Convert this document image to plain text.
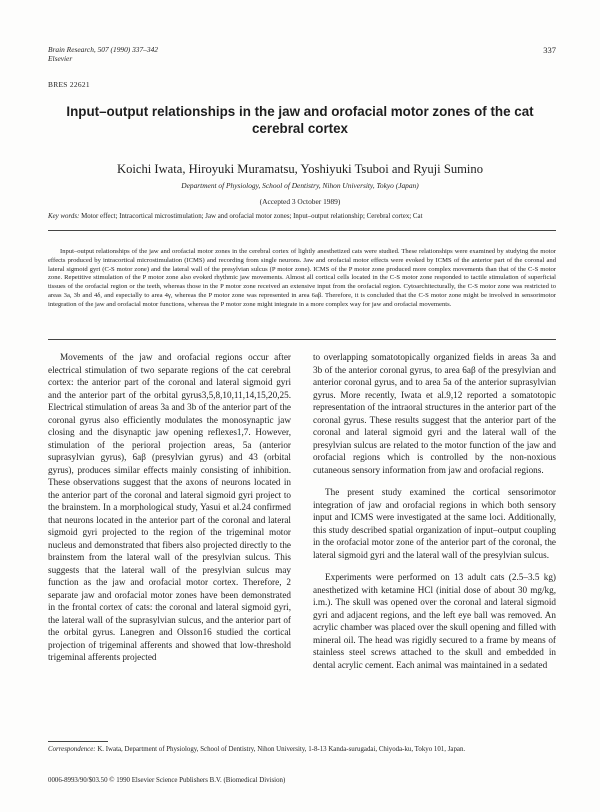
Brain Research, 507 (1990) 337–342
Elsevier
337
BRES 22621
Input–output relationships in the jaw and orofacial motor zones of the cat cerebral cortex
Koichi Iwata, Hiroyuki Muramatsu, Yoshiyuki Tsuboi and Ryuji Sumino
Department of Physiology, School of Dentistry, Nihon University, Tokyo (Japan)
(Accepted 3 October 1989)
Key words: Motor effect; Intracortical microstimulation; Jaw and orofacial motor zones; Input–output relationship; Cerebral cortex; Cat

Input–output relationships of the jaw and orofacial motor zones in the cerebral cortex of lightly anesthetized cats were studied. These relationships were examined by studying the motor effects produced by intracortical microstimulation (ICMS) and recording from single neurons. Jaw and orofacial motor effects were evoked by ICMS of the anterior part of the coronal and lateral sigmoid gyri (C-S motor zone) and the lateral wall of the presylvian sulcus (P motor zone). ICMS of the P motor zone produced more complex movements than that of the C-S motor zone. Repetitive stimulation of the P motor zone also evoked rhythmic jaw movements. Almost all cortical cells located in the C-S motor zone responded to tactile stimulation of superficial tissues of the orofacial region or the teeth, whereas those in the P motor zone received an extensive input from the orofacial region. Cytoarchitecturally, the C-S motor zone was restricted to areas 3a, 3b and 4δ, and especially to area 4γ, whereas the P motor zone was represented in area 6aβ. Therefore, it is concluded that the C-S motor zone might be involved in sensorimotor integration of the jaw and orofacial motor functions, whereas the P motor zone might integrate in a more complex way for jaw and orofacial movements.

Movements of the jaw and orofacial regions occur after electrical stimulation of two separate regions of the cat cerebral cortex: the anterior part of the coronal and lateral sigmoid gyri and the anterior part of the orbital gyrus3,5,8,10,11,14,15,20,25. Electrical stimulation of areas 3a and 3b of the anterior part of the coronal gyrus also efficiently modulates the monosynaptic jaw closing and the disynaptic jaw opening reflexes1,7. However, stimulation of the perioral projection areas, 5a (anterior suprasylvian gyrus), 6aβ (presylvian gyrus) and 43 (orbital gyrus), produces similar effects mainly consisting of inhibition. These observations suggest that the axons of neurons located in the anterior part of the coronal and lateral sigmoid gyri project to the brainstem. In a morphological study, Yasui et al.24 confirmed that neurons located in the anterior part of the coronal and lateral sigmoid gyri projected to the region of the trigeminal motor nucleus and demonstrated that fibers also projected directly to the brainstem from the lateral wall of the presylvian sulcus. This suggests that the lateral wall of the presylvian sulcus may function as the jaw and orofacial motor cortex. Therefore, 2 separate jaw and orofacial motor zones have been demonstrated in the frontal cortex of cats: the coronal and lateral sigmoid gyri, the lateral wall of the suprasylvian sulcus, and the anterior part of the orbital gyrus. Lanegren and Olsson16 studied the cortical projection of trigeminal afferents and showed that low-threshold trigeminal afferents projected

to overlapping somatotopically organized fields in areas 3a and 3b of the anterior coronal gyrus, to area 6aβ of the presylvian and anterior coronal gyrus, and to area 5a of the anterior suprasylvian gyrus. More recently, Iwata et al.9,12 reported a somatotopic representation of the intraoral structures in the anterior part of the coronal gyrus. These results suggest that the anterior part of the coronal and lateral sigmoid gyri and the lateral wall of the presylvian sulcus are related to the motor function of the jaw and orofacial regions which is controlled by the non-noxious cutaneous sensory information from jaw and orofacial regions.

The present study examined the cortical sensorimotor integration of jaw and orofacial regions in which both sensory input and ICMS were investigated at the same loci. Additionally, this study described spatial organization of input–output coupling in the orofacial motor zone of the anterior part of the coronal, the lateral sigmoid gyri and the lateral wall of the presylvian sulcus.

Experiments were performed on 13 adult cats (2.5–3.5 kg) anesthetized with ketamine HCl (initial dose of about 30 mg/kg, i.m.). The skull was opened over the coronal and lateral sigmoid gyri and adjacent regions, and the left eye ball was removed. An acrylic chamber was placed over the skull opening and filled with mineral oil. The head was rigidly secured to a frame by means of stainless steel screws attached to the skull and embedded in dental acrylic cement. Each animal was maintained in a sedated

Correspondence: K. Iwata, Department of Physiology, School of Dentistry, Nihon University, 1-8-13 Kanda-surugadai, Chiyoda-ku, Tokyo 101, Japan.
0006-8993/90/$03.50 © 1990 Elsevier Science Publishers B.V. (Biomedical Division)
